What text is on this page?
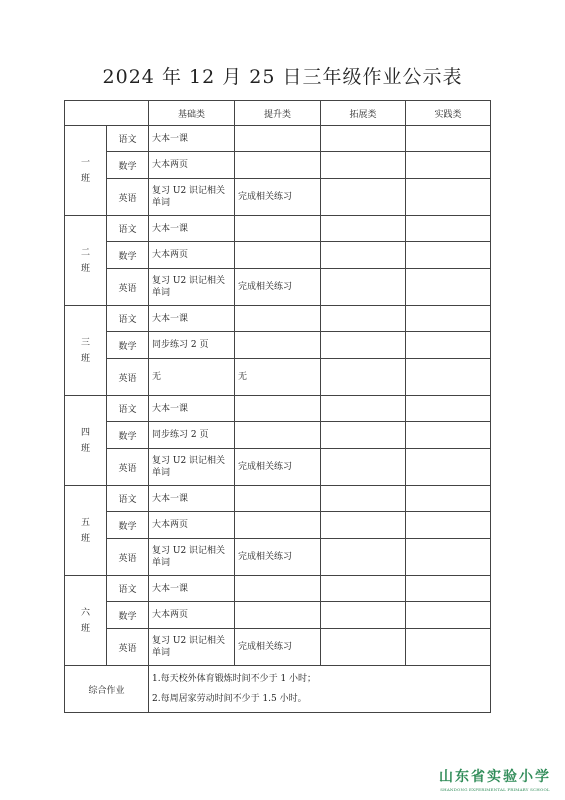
2024 年 12 月 25 日三年级作业公示表
		基础类	提升类	拓展类	实践类
一
班	语文	大本一课			
	数学	大本两页			
	英语	复习 U2 识记相关单词	完成相关练习		
二
班	语文	大本一课			
	数学	大本两页			
	英语	复习 U2 识记相关单词	完成相关练习		
三
班	语文	大本一课			
	数学	同步练习 2 页			
	英语	无	无		
四
班	语文	大本一课			
	数学	同步练习 2 页			
	英语	复习 U2 识记相关单词	完成相关练习		
五
班	语文	大本一课			
	数学	大本两页			
	英语	复习 U2 识记相关单词	完成相关练习		
六
班	语文	大本一课			
	数学	大本两页			
	英语	复习 U2 识记相关单词	完成相关练习		
综合作业		1.每天校外体育锻炼时间不少于 1 小时；
2.每周居家劳动时间不少于 1.5 小时。			
山东省实验小学
SHANDONG EXPERIMENTAL PRIMARY SCHOOL
